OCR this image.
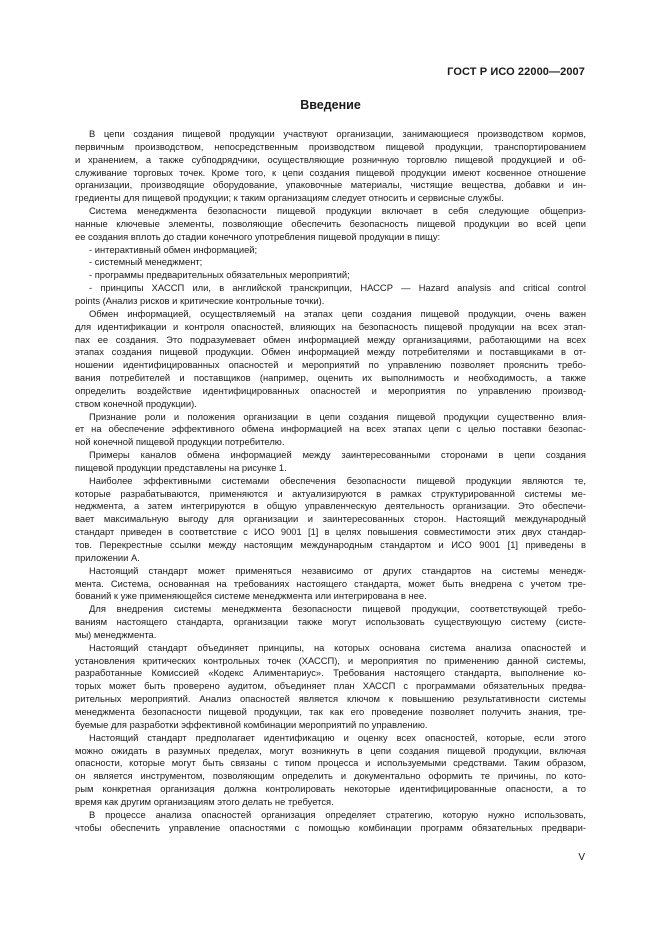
ГОСТ Р ИСО 22000—2007
Введение
В цепи создания пищевой продукции участвуют организации, занимающиеся производством кормов,
первичным производством, непосредственным производством пищевой продукции, транспортированием
и хранением, а также субподрядчики, осуществляющие розничную торговлю пищевой продукцией и об-
служивание торговых точек. Кроме того, к цепи создания пищевой продукции имеют косвенное отношение
организации, производящие оборудование, упаковочные материалы, чистящие вещества, добавки и ин-
гредиенты для пищевой продукции; к таким организациям следует относить и сервисные службы.
Система менеджмента безопасности пищевой продукции включает в себя следующие общеприз-
нанные ключевые элементы, позволяющие обеспечить безопасность пищевой продукции во всей цепи
ее создания вплоть до стадии конечного употребления пищевой продукции в пищу:
- интерактивный обмен информацией;
- системный менеджмент;
- программы предварительных обязательных мероприятий;
- принципы ХАССП или, в английской транскрипции, НАССР — Hazard analysis and critical control
points (Анализ рисков и критические контрольные точки).
Обмен информацией, осуществляемый на этапах цепи создания пищевой продукции, очень важен
для идентификации и контроля опасностей, влияющих на безопасность пищевой продукции на всех этап-
пах ее создания. Это подразумевает обмен информацией между организациями, работающими на всех
этапах создания пищевой продукции. Обмен информацией между потребителями и поставщиками в от-
ношении идентифицированных опасностей и мероприятий по управлению позволяет прояснить требо-
вания потребителей и поставщиков (например, оценить их выполнимость и необходимость, а также
определить воздействие идентифицированных опасностей и мероприятия по управлению производ-
ством конечной продукции).
Признание роли и положения организации в цепи создания пищевой продукции существенно влия-
ет на обеспечение эффективного обмена информацией на всех этапах цепи с целью поставки безопас-
ной конечной пищевой продукции потребителю.
Примеры каналов обмена информацией между заинтересованными сторонами в цепи создания
пищевой продукции представлены на рисунке 1.
Наиболее эффективными системами обеспечения безопасности пищевой продукции являются те,
которые разрабатываются, применяются и актуализируются в рамках структурированной системы ме-
неджмента, а затем интегрируются в общую управленческую деятельность организации. Это обеспечи-
вает максимальную выгоду для организации и заинтересованных сторон. Настоящий международный
стандарт приведен в соответствие с ИСО 9001 [1] в целях повышения совместимости этих двух стандар-
тов. Перекрестные ссылки между настоящим международным стандартом и ИСО 9001 [1] приведены в
приложении А.
Настоящий стандарт может применяться независимо от других стандартов на системы менедж-
мента. Система, основанная на требованиях настоящего стандарта, может быть внедрена с учетом тре-
бований к уже применяющейся системе менеджмента или интегрирована в нее.
Для внедрения системы менеджмента безопасности пищевой продукции, соответствующей требо-
ваниям настоящего стандарта, организации также могут использовать существующую систему (систе-
мы) менеджмента.
Настоящий стандарт объединяет принципы, на которых основана система анализа опасностей и
установления критических контрольных точек (ХАССП), и мероприятия по применению данной системы,
разработанные Комиссией «Кодекс Алиментариус». Требования настоящего стандарта, выполнение ко-
торых может быть проверено аудитом, объединяет план ХАССП с программами обязательных предва-
рительных мероприятий. Анализ опасностей является ключом к повышению результативности системы
менеджмента безопасности пищевой продукции, так как его проведение позволяет получить знания, тре-
буемые для разработки эффективной комбинации мероприятий по управлению.
Настоящий стандарт предполагает идентификацию и оценку всех опасностей, которые, если этого
можно ожидать в разумных пределах, могут возникнуть в цепи создания пищевой продукции, включая
опасности, которые могут быть связаны с типом процесса и используемыми средствами. Таким образом,
он является инструментом, позволяющим определить и документально оформить те причины, по кото-
рым конкретная организация должна контролировать некоторые идентифицированные опасности, а то
время как другим организациям этого делать не требуется.
В процессе анализа опасностей организация определяет стратегию, которую нужно использовать,
чтобы обеспечить управление опасностями с помощью комбинации программ обязательных предвари-
V
